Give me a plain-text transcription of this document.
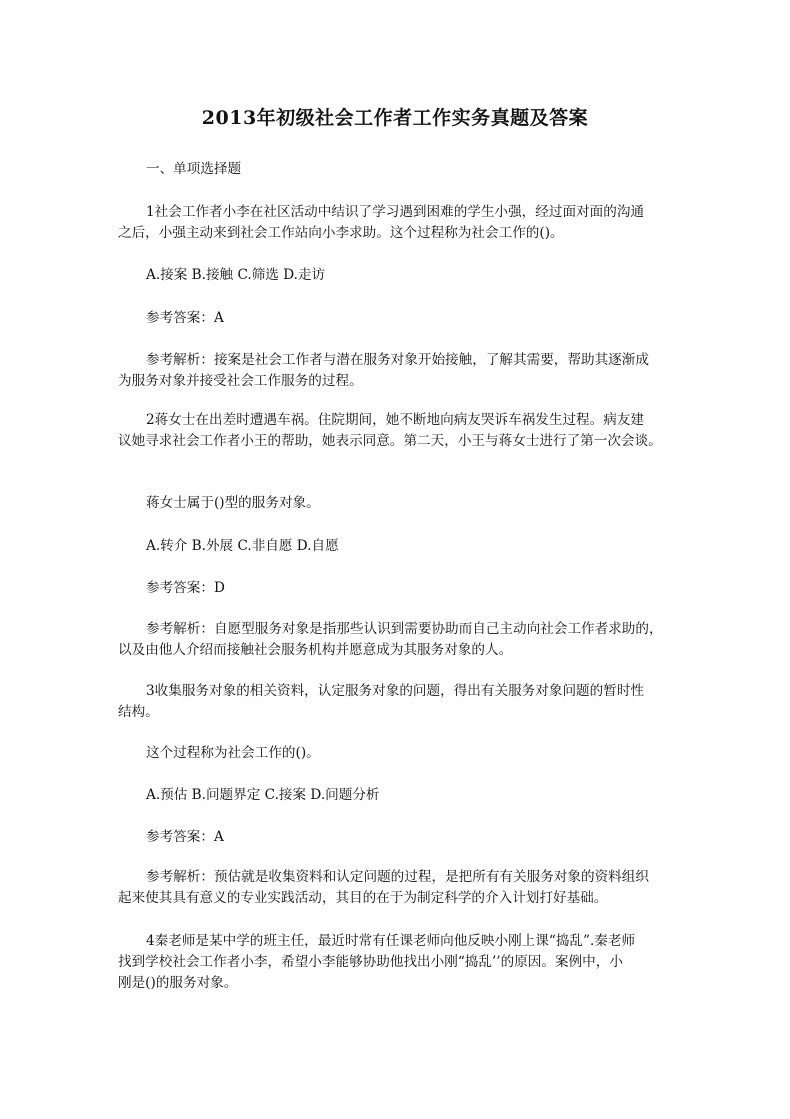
2013年初级社会工作者工作实务真题及答案
一、单项选择题
1社会工作者小李在社区活动中结识了学习遇到困难的学生小强，经过面对面的沟通
之后，小强主动来到社会工作站向小李求助。这个过程称为社会工作的()。
A.接案 B.接触 C.筛选 D.走访
参考答案：A
参考解析：接案是社会工作者与潜在服务对象开始接触，了解其需要，帮助其逐渐成
为服务对象并接受社会工作服务的过程。
2蒋女士在出差时遭遇车祸。住院期间，她不断地向病友哭诉车祸发生过程。病友建
议她寻求社会工作者小王的帮助，她表示同意。第二天，小王与蒋女士进行了第一次会谈。
蒋女士属于()型的服务对象。
A.转介 B.外展 C.非自愿 D.自愿
参考答案：D
参考解析：自愿型服务对象是指那些认识到需要协助而自己主动向社会工作者求助的，
以及由他人介绍而接触社会服务机构并愿意成为其服务对象的人。
3收集服务对象的相关资料，认定服务对象的问题，得出有关服务对象问题的暂时性
结构。
这个过程称为社会工作的()。
A.预估 B.问题界定 C.接案 D.问题分析
参考答案：A
参考解析：预估就是收集资料和认定问题的过程，是把所有有关服务对象的资料组织
起来使其具有意义的专业实践活动，其目的在于为制定科学的介入计划打好基础。
4秦老师是某中学的班主任，最近时常有任课老师向他反映小刚上课“捣乱”.秦老师
找到学校社会工作者小李，希望小李能够协助他找出小刚“捣乱’’的原因。案例中，小
刚是()的服务对象。
